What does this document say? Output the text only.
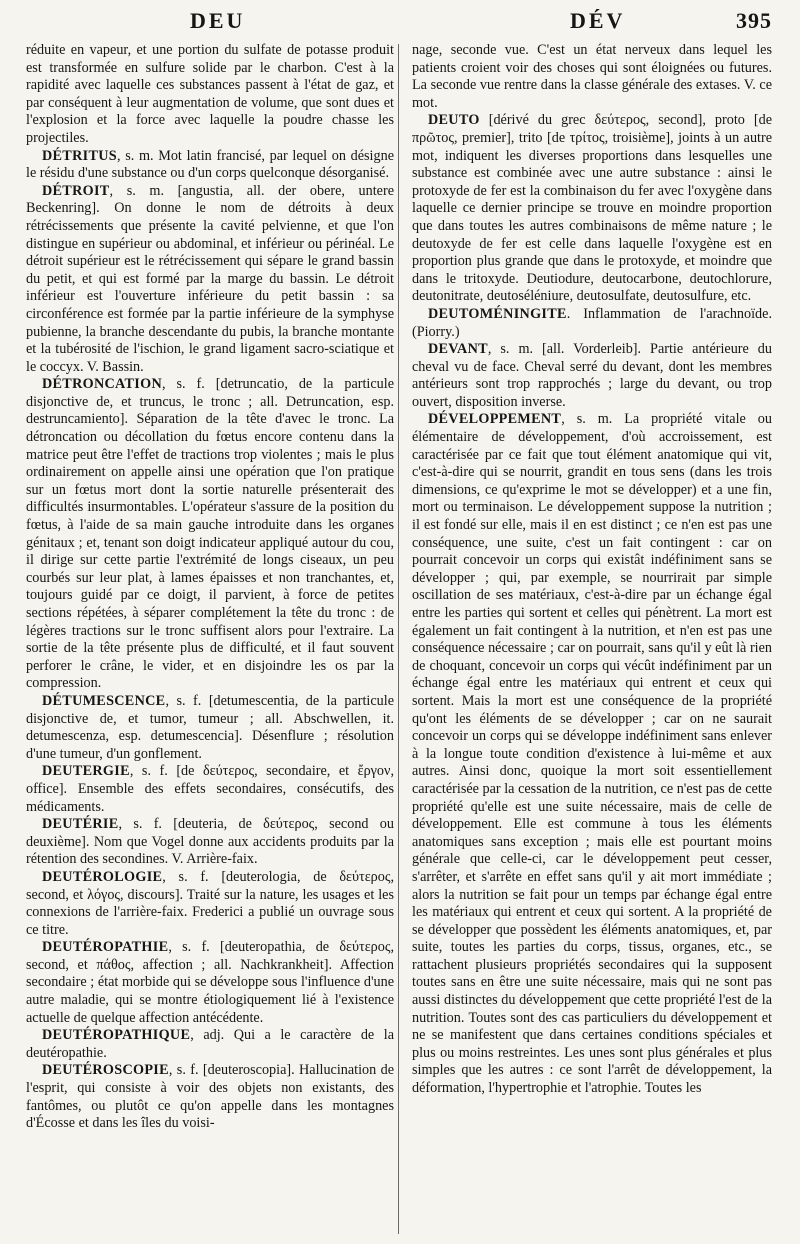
DEU	DÉV	395

réduite en vapeur, et une portion du sulfate de potasse produit est transformée en sulfure solide par le charbon. C'est à la rapidité avec laquelle ces substances passent à l'état de gaz, et par conséquent à leur augmentation de volume, que sont dues et l'explosion et la force avec laquelle la poudre chasse les projectiles.

DÉTRITUS, s. m. Mot latin francisé, par lequel on désigne le résidu d'une substance ou d'un corps quelconque désorganisé.

DÉTROIT, s. m. [angustia, all. der obere, untere Beckenring]. On donne le nom de détroits à deux rétrécissements que présente la cavité pelvienne, et que l'on distingue en supérieur ou abdominal, et inférieur ou périnéal. Le détroit supérieur est le rétrécissement qui sépare le grand bassin du petit, et qui est formé par la marge du bassin. Le détroit inférieur est l'ouverture inférieure du petit bassin : sa circonférence est formée par la partie inférieure de la symphyse pubienne, la branche descendante du pubis, la branche montante et la tubérosité de l'ischion, le grand ligament sacro-sciatique et le coccyx. V. Bassin.

DÉTRONCATION, s. f. [detruncatio, de la particule disjonctive de, et truncus, le tronc ; all. Detruncation, esp. destruncamiento]. Séparation de la tête d'avec le tronc. La détroncation ou décollation du fœtus encore contenu dans la matrice peut être l'effet de tractions trop violentes ; mais le plus ordinairement on appelle ainsi une opération que l'on pratique sur un fœtus mort dont la sortie naturelle présenterait des difficultés insurmontables. L'opérateur s'assure de la position du fœtus, à l'aide de sa main gauche introduite dans les organes génitaux ; et, tenant son doigt indicateur appliqué autour du cou, il dirige sur cette partie l'extrémité de longs ciseaux, un peu courbés sur leur plat, à lames épaisses et non tranchantes, et, toujours guidé par ce doigt, il parvient, à force de petites sections répétées, à séparer complétement la tête du tronc : de légères tractions sur le tronc suffisent alors pour l'extraire. La sortie de la tête présente plus de difficulté, et il faut souvent perforer le crâne, le vider, et en disjoindre les os par la compression.

DÉTUMESCENCE, s. f. [detumescentia, de la particule disjonctive de, et tumor, tumeur ; all. Abschwellen, it. detumescenza, esp. detumescencia]. Désenflure ; résolution d'une tumeur, d'un gonflement.

DEUTERGIE, s. f. [de δεύτερος, secondaire, et ἔργον, office]. Ensemble des effets secondaires, consécutifs, des médicaments.

DEUTÉRIE, s. f. [deuteria, de δεύτερος, second ou deuxième]. Nom que Vogel donne aux accidents produits par la rétention des secondines. V. Arrière-faix.

DEUTÉROLOGIE, s. f. [deuterologia, de δεύτερος, second, et λόγος, discours]. Traité sur la nature, les usages et les connexions de l'arrière-faix. Frederici a publié un ouvrage sous ce titre.

DEUTÉROPATHIE, s. f. [deuteropathia, de δεύτερος, second, et πάθος, affection ; all. Nachkrankheit]. Affection secondaire ; état morbide qui se développe sous l'influence d'une autre maladie, qui se montre étiologiquement lié à l'existence actuelle de quelque affection antécédente.

DEUTÉROPATHIQUE, adj. Qui a le caractère de la deutéropathie.

DEUTÉROSCOPIE, s. f. [deuteroscopia]. Hallucination de l'esprit, qui consiste à voir des objets non existants, des fantômes, ou plutôt ce qu'on appelle dans les montagnes d'Écosse et dans les îles du voisi-

nage, seconde vue. C'est un état nerveux dans lequel les patients croient voir des choses qui sont éloignées ou futures. La seconde vue rentre dans la classe générale des extases. V. ce mot.

DEUTO [dérivé du grec δεύτερος, second], proto [de πρῶτος, premier], trito [de τρίτος, troisième], joints à un autre mot, indiquent les diverses proportions dans lesquelles une substance est combinée avec une autre substance : ainsi le protoxyde de fer est la combinaison du fer avec l'oxygène dans laquelle ce dernier principe se trouve en moindre proportion que dans toutes les autres combinaisons de même nature ; le deutoxyde de fer est celle dans laquelle l'oxygène est en proportion plus grande que dans le protoxyde, et moindre que dans le tritoxyde. Deutiodure, deutocarbone, deutochlorure, deutonitrate, deutoséléniure, deutosulfate, deutosulfure, etc.

DEUTOMÉNINGITE. Inflammation de l'arachnoïde. (Piorry.)

DEVANT, s. m. [all. Vorderleib]. Partie antérieure du cheval vu de face. Cheval serré du devant, dont les membres antérieurs sont trop rapprochés ; large du devant, ou trop ouvert, disposition inverse.

DÉVELOPPEMENT, s. m. La propriété vitale ou élémentaire de développement, d'où accroissement, est caractérisée par ce fait que tout élément anatomique qui vit, c'est-à-dire qui se nourrit, grandit en tous sens (dans les trois dimensions, ce qu'exprime le mot se développer) et a une fin, mort ou terminaison. Le développement suppose la nutrition ; il est fondé sur elle, mais il en est distinct ; ce n'en est pas une conséquence, une suite, c'est un fait contingent : car on pourrait concevoir un corps qui existât indéfiniment sans se développer ; qui, par exemple, se nourrirait par simple oscillation de ses matériaux, c'est-à-dire par un échange égal entre les parties qui sortent et celles qui pénètrent. La mort est également un fait contingent à la nutrition, et n'en est pas une conséquence nécessaire ; car on pourrait, sans qu'il y eût là rien de choquant, concevoir un corps qui vécût indéfiniment par un échange égal entre les matériaux qui entrent et ceux qui sortent. Mais la mort est une conséquence de la propriété qu'ont les éléments de se développer ; car on ne saurait concevoir un corps qui se développe indéfiniment sans enlever à la longue toute condition d'existence à lui-même et aux autres. Ainsi donc, quoique la mort soit essentiellement caractérisée par la cessation de la nutrition, ce n'est pas de cette propriété qu'elle est une suite nécessaire, mais de celle de développement. Elle est commune à tous les éléments anatomiques sans exception ; mais elle est pourtant moins générale que celle-ci, car le développement peut cesser, s'arrêter, et s'arrête en effet sans qu'il y ait mort immédiate ; alors la nutrition se fait pour un temps par échange égal entre les matériaux qui entrent et ceux qui sortent. A la propriété de se développer que possèdent les éléments anatomiques, et, par suite, toutes les parties du corps, tissus, organes, etc., se rattachent plusieurs propriétés secondaires qui la supposent toutes sans en être une suite nécessaire, mais qui ne sont pas aussi distinctes du développement que cette propriété l'est de la nutrition. Toutes sont des cas particuliers du développement et ne se manifestent que dans certaines conditions spéciales et plus ou moins restreintes. Les unes sont plus générales et plus simples que les autres : ce sont l'arrêt de développement, la déformation, l'hypertrophie et l'atrophie. Toutes les
